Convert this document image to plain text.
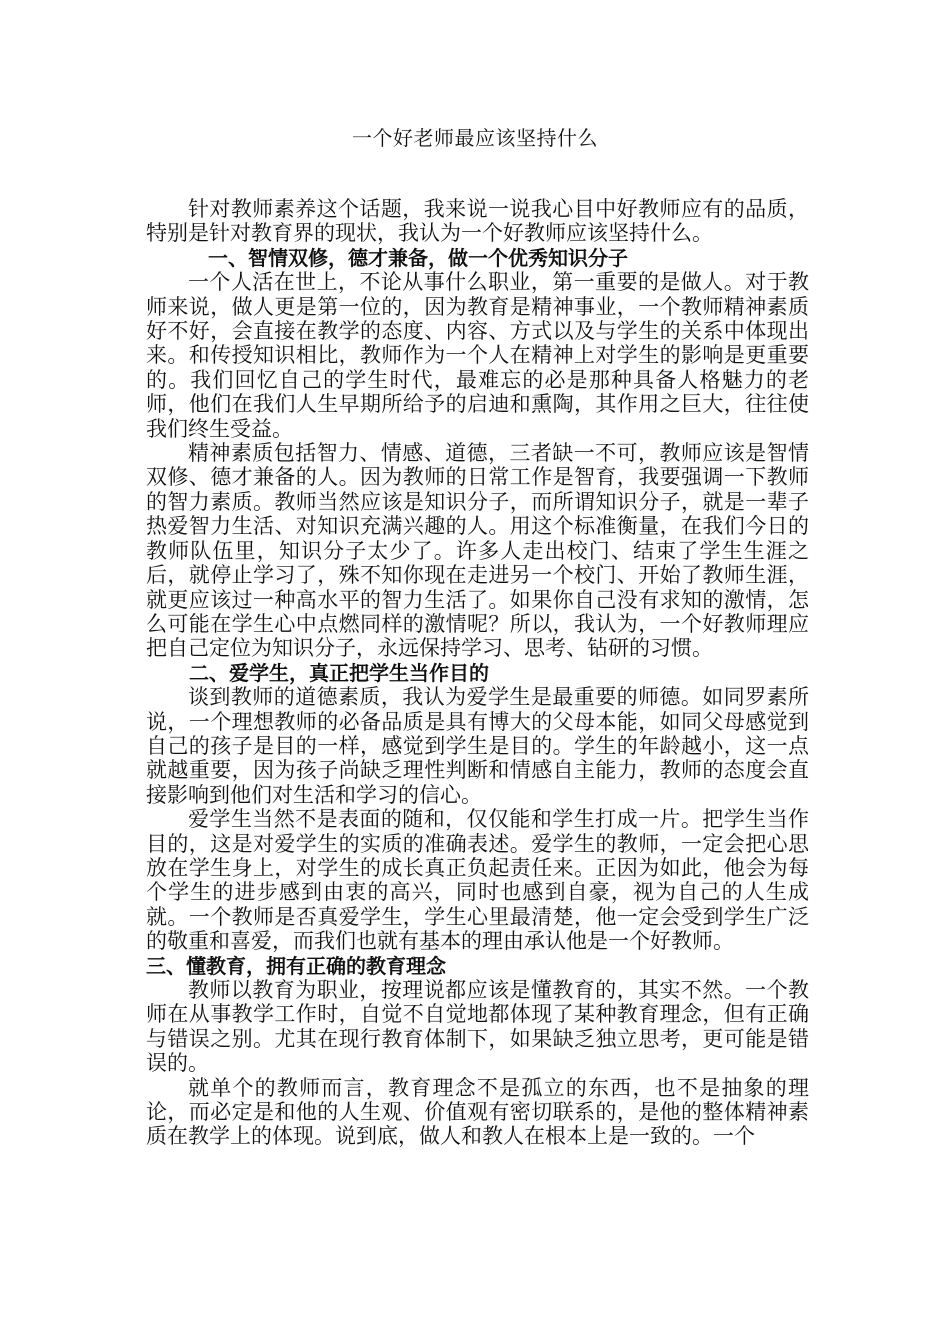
一个好老师最应该坚持什么

针对教师素养这个话题，我来说一说我心目中好教师应有的品质，特别是针对教育界的现状，我认为一个好教师应该坚持什么。

一、智情双修，德才兼备，做一个优秀知识分子

一个人活在世上，不论从事什么职业，第一重要的是做人。对于教师来说，做人更是第一位的，因为教育是精神事业，一个教师精神素质好不好，会直接在教学的态度、内容、方式以及与学生的关系中体现出来。和传授知识相比，教师作为一个人在精神上对学生的影响是更重要的。我们回忆自己的学生时代，最难忘的必是那种具备人格魅力的老师，他们在我们人生早期所给予的启迪和熏陶，其作用之巨大，往往使我们终生受益。

精神素质包括智力、情感、道德，三者缺一不可，教师应该是智情双修、德才兼备的人。因为教师的日常工作是智育，我要强调一下教师的智力素质。教师当然应该是知识分子，而所谓知识分子，就是一辈子热爱智力生活、对知识充满兴趣的人。用这个标准衡量，在我们今日的教师队伍里，知识分子太少了。许多人走出校门、结束了学生生涯之后，就停止学习了，殊不知你现在走进另一个校门、开始了教师生涯，就更应该过一种高水平的智力生活了。如果你自己没有求知的激情，怎么可能在学生心中点燃同样的激情呢？所以，我认为，一个好教师理应把自己定位为知识分子，永远保持学习、思考、钻研的习惯。

二、爱学生，真正把学生当作目的

谈到教师的道德素质，我认为爱学生是最重要的师德。如同罗素所说，一个理想教师的必备品质是具有博大的父母本能，如同父母感觉到自己的孩子是目的一样，感觉到学生是目的。学生的年龄越小，这一点就越重要，因为孩子尚缺乏理性判断和情感自主能力，教师的态度会直接影响到他们对生活和学习的信心。

爱学生当然不是表面的随和，仅仅能和学生打成一片。把学生当作目的，这是对爱学生的实质的准确表述。爱学生的教师，一定会把心思放在学生身上，对学生的成长真正负起责任来。正因为如此，他会为每个学生的进步感到由衷的高兴，同时也感到自豪，视为自己的人生成就。一个教师是否真爱学生，学生心里最清楚，他一定会受到学生广泛的敬重和喜爱，而我们也就有基本的理由承认他是一个好教师。

三、懂教育，拥有正确的教育理念

教师以教育为职业，按理说都应该是懂教育的，其实不然。一个教师在从事教学工作时，自觉不自觉地都体现了某种教育理念，但有正确与错误之别。尤其在现行教育体制下，如果缺乏独立思考，更可能是错误的。

就单个的教师而言，教育理念不是孤立的东西，也不是抽象的理论，而必定是和他的人生观、价值观有密切联系的，是他的整体精神素质在教学上的体现。说到底，做人和教人在根本上是一致的。一个
